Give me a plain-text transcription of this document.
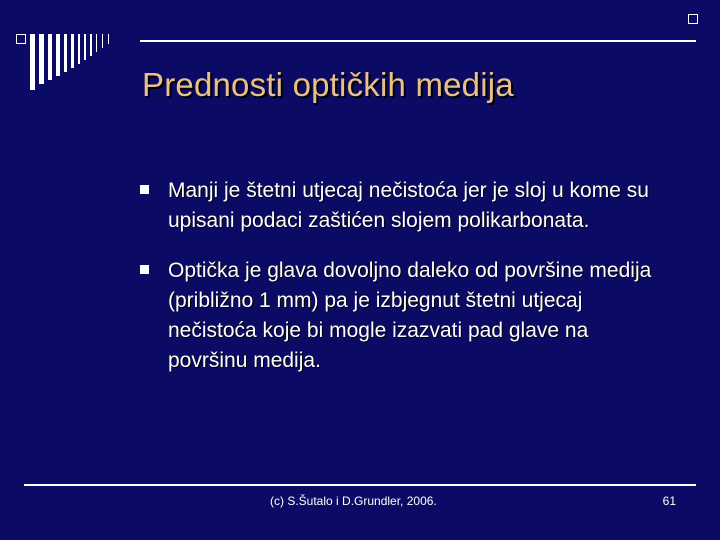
Prednosti optičkih medija
Manji je štetni utjecaj nečistoća jer je sloj u kome su upisani podaci zaštićen slojem polikarbonata.
Optička je glava dovoljno daleko od površine medija (približno 1 mm) pa je izbjegnut štetni utjecaj nečistoća koje bi mogle izazvati pad glave na površinu medija.
(c) S.Šutalo i D.Grundler, 2006.	61
